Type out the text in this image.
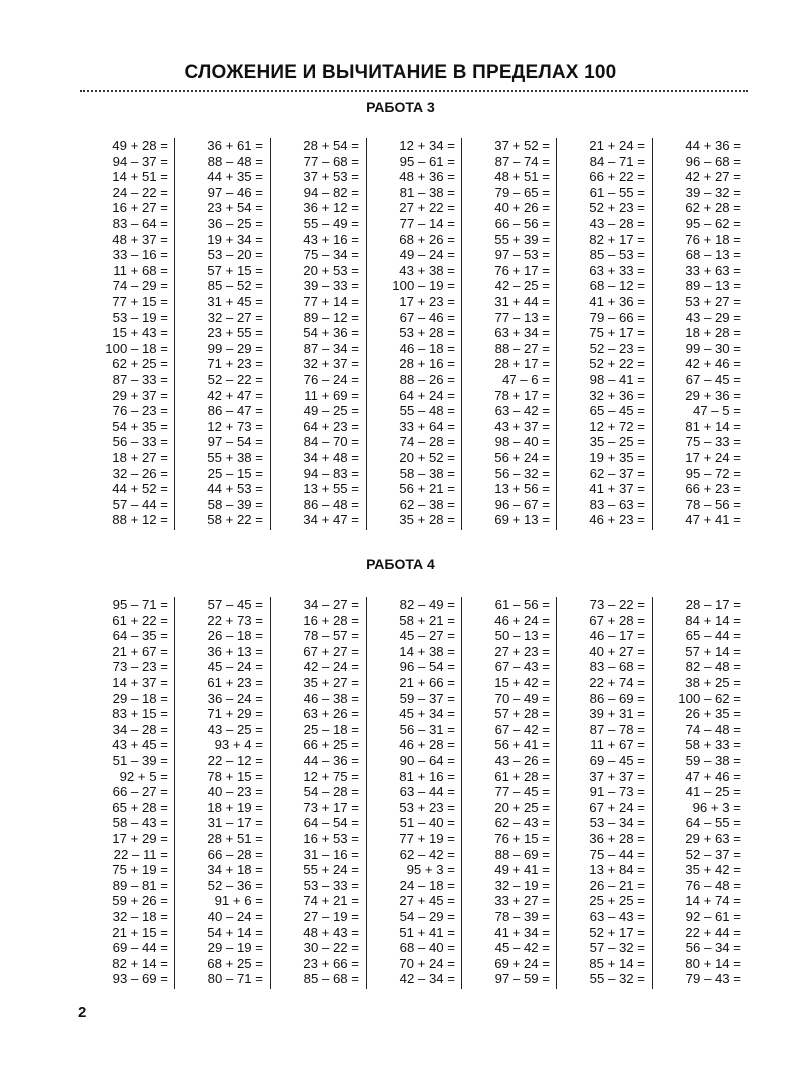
СЛОЖЕНИЕ И ВЫЧИТАНИЕ В ПРЕДЕЛАХ 100
РАБОТА 3
49 + 28 =
94 – 37 =
14 + 51 =
24 – 22 =
16 + 27 =
83 – 64 =
48 + 37 =
33 – 16 =
11 + 68 =
74 – 29 =
77 + 15 =
53 – 19 =
15 + 43 =
100 – 18 =
62 + 25 =
87 – 33 =
29 + 37 =
76 – 23 =
54 + 35 =
56 – 33 =
18 + 27 =
32 – 26 =
44 + 52 =
57 – 44 =
88 + 12 =
36 + 61 =
88 – 48 =
44 + 35 =
97 – 46 =
23 + 54 =
36 – 25 =
19 + 34 =
53 – 20 =
57 + 15 =
85 – 52 =
31 + 45 =
32 – 27 =
23 + 55 =
99 – 29 =
71 + 23 =
52 – 22 =
42 + 47 =
86 – 47 =
12 + 73 =
97 – 54 =
55 + 38 =
25 – 15 =
44 + 53 =
58 – 39 =
58 + 22 =
28 + 54 =
77 – 68 =
37 + 53 =
94 – 82 =
36 + 12 =
55 – 49 =
43 + 16 =
75 – 34 =
20 + 53 =
39 – 33 =
77 + 14 =
89 – 12 =
54 + 36 =
87 – 34 =
32 + 37 =
76 – 24 =
11 + 69 =
49 – 25 =
64 + 23 =
84 – 70 =
34 + 48 =
94 – 83 =
13 + 55 =
86 – 48 =
34 + 47 =
12 + 34 =
95 – 61 =
48 + 36 =
81 – 38 =
27 + 22 =
77 – 14 =
68 + 26 =
49 – 24 =
43 + 38 =
100 – 19 =
17 + 23 =
67 – 46 =
53 + 28 =
46 – 18 =
28 + 16 =
88 – 26 =
64 + 24 =
55 – 48 =
33 + 64 =
74 – 28 =
20 + 52 =
58 – 38 =
56 + 21 =
62 – 38 =
35 + 28 =
37 + 52 =
87 – 74 =
48 + 51 =
79 – 65 =
40 + 26 =
66 – 56 =
55 + 39 =
97 – 53 =
76 + 17 =
42 – 25 =
31 + 44 =
77 – 13 =
63 + 34 =
88 – 27 =
28 + 17 =
47 – 6 =
78 + 17 =
63 – 42 =
43 + 37 =
98 – 40 =
56 + 24 =
56 – 32 =
13 + 56 =
96 – 67 =
69 + 13 =
21 + 24 =
84 – 71 =
66 + 22 =
61 – 55 =
52 + 23 =
43 – 28 =
82 + 17 =
85 – 53 =
63 + 33 =
68 – 12 =
41 + 36 =
79 – 66 =
75 + 17 =
52 – 23 =
52 + 22 =
98 – 41 =
32 + 36 =
65 – 45 =
12 + 72 =
35 – 25 =
19 + 35 =
62 – 37 =
41 + 37 =
83 – 63 =
46 + 23 =
44 + 36 =
96 – 68 =
42 + 27 =
39 – 32 =
62 + 28 =
95 – 62 =
76 + 18 =
68 – 13 =
33 + 63 =
89 – 13 =
53 + 27 =
43 – 29 =
18 + 28 =
99 – 30 =
42 + 46 =
67 – 45 =
29 + 36 =
47 – 5 =
81 + 14 =
75 – 33 =
17 + 24 =
95 – 72 =
66 + 23 =
78 – 56 =
47 + 41 =
РАБОТА 4
95 – 71 =
61 + 22 =
64 – 35 =
21 + 67 =
73 – 23 =
14 + 37 =
29 – 18 =
83 + 15 =
34 – 28 =
43 + 45 =
51 – 39 =
92 + 5 =
66 – 27 =
65 + 28 =
58 – 43 =
17 + 29 =
22 – 11 =
75 + 19 =
89 – 81 =
59 + 26 =
32 – 18 =
21 + 15 =
69 – 44 =
82 + 14 =
93 – 69 =
57 – 45 =
22 + 73 =
26 – 18 =
36 + 13 =
45 – 24 =
61 + 23 =
36 – 24 =
71 + 29 =
43 – 25 =
93 + 4 =
22 – 12 =
78 + 15 =
40 – 23 =
18 + 19 =
31 – 17 =
28 + 51 =
66 – 28 =
34 + 18 =
52 – 36 =
91 + 6 =
40 – 24 =
54 + 14 =
29 – 19 =
68 + 25 =
80 – 71 =
34 – 27 =
16 + 28 =
78 – 57 =
67 + 27 =
42 – 24 =
35 + 27 =
46 – 38 =
63 + 26 =
25 – 18 =
66 + 25 =
44 – 36 =
12 + 75 =
54 – 28 =
73 + 17 =
64 – 54 =
16 + 53 =
31 – 16 =
55 + 24 =
53 – 33 =
74 + 21 =
27 – 19 =
48 + 43 =
30 – 22 =
23 + 66 =
85 – 68 =
82 – 49 =
58 + 21 =
45 – 27 =
14 + 38 =
96 – 54 =
21 + 66 =
59 – 37 =
45 + 34 =
56 – 31 =
46 + 28 =
90 – 64 =
81 + 16 =
63 – 44 =
53 + 23 =
51 – 40 =
77 + 19 =
62 – 42 =
95 + 3 =
24 – 18 =
27 + 45 =
54 – 29 =
51 + 41 =
68 – 40 =
70 + 24 =
42 – 34 =
61 – 56 =
46 + 24 =
50 – 13 =
27 + 23 =
67 – 43 =
15 + 42 =
70 – 49 =
57 + 28 =
67 – 42 =
56 + 41 =
43 – 26 =
61 + 28 =
77 – 45 =
20 + 25 =
62 – 43 =
76 + 15 =
88 – 69 =
49 + 41 =
32 – 19 =
33 + 27 =
78 – 39 =
41 + 34 =
45 – 42 =
69 + 24 =
97 – 59 =
73 – 22 =
67 + 28 =
46 – 17 =
40 + 27 =
83 – 68 =
22 + 74 =
86 – 69 =
39 + 31 =
87 – 78 =
11 + 67 =
69 – 45 =
37 + 37 =
91 – 73 =
67 + 24 =
53 – 34 =
36 + 28 =
75 – 44 =
13 + 84 =
26 – 21 =
25 + 25 =
63 – 43 =
52 + 17 =
57 – 32 =
85 + 14 =
55 – 32 =
28 – 17 =
84 + 14 =
65 – 44 =
57 + 14 =
82 – 48 =
38 + 25 =
100 – 62 =
26 + 35 =
74 – 48 =
58 + 33 =
59 – 38 =
47 + 46 =
41 – 25 =
96 + 3 =
64 – 55 =
29 + 63 =
52 – 37 =
35 + 42 =
76 – 48 =
14 + 74 =
92 – 61 =
22 + 44 =
56 – 34 =
80 + 14 =
79 – 43 =
2
